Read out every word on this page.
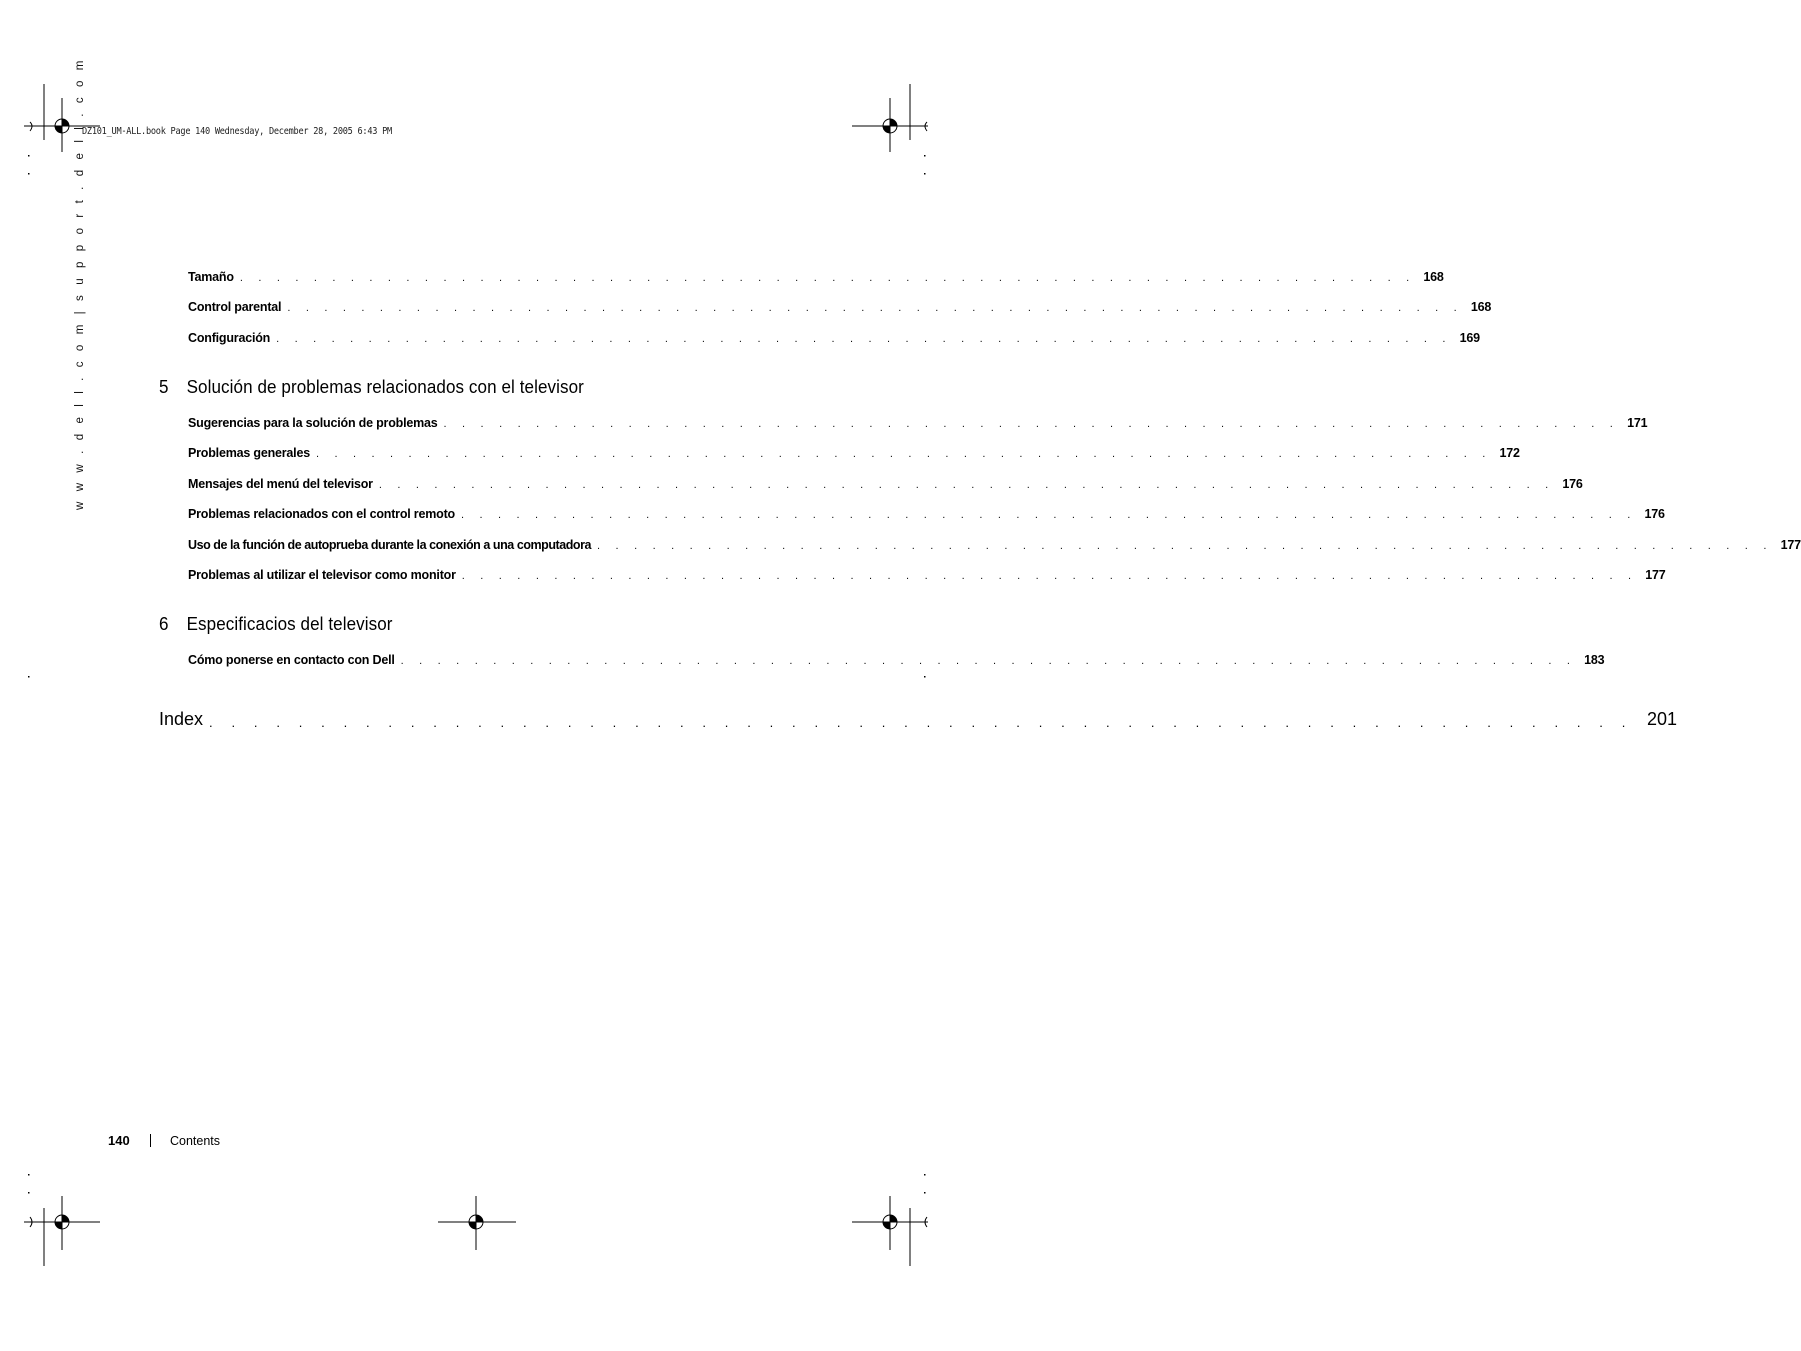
DZ101_UM-ALL.book Page 140 Wednesday, December 28, 2005 6:43 PM
w w w . d e l l . c o m | s u p p o r t . d e l l . c o m	Tamaño . . . . . . . . . . . . . . . . . . . . . . . . . . . . . . . . . . . . . . . . . . . . . . . . . . . . . . . . . . . . . . . . 168
Control parental . . . . . . . . . . . . . . . . . . . . . . . . . . . . . . . . . . . . . . . . . . . . . . . . . . . . . . . . . . . . . . . . 168
Configuración . . . . . . . . . . . . . . . . . . . . . . . . . . . . . . . . . . . . . . . . . . . . . . . . . . . . . . . . . . . . . . . . 169
5 Solución de problemas relacionados con el televisor
Sugerencias para la solución de problemas . . . . . . . . . . . . . . . . . . . . . . . . . . . . . . . . . . . . . . . . . . . . . . . . . . . . . . . . . . . . . . . . 171
Problemas generales . . . . . . . . . . . . . . . . . . . . . . . . . . . . . . . . . . . . . . . . . . . . . . . . . . . . . . . . . . . . . . . . 172
Mensajes del menú del televisor . . . . . . . . . . . . . . . . . . . . . . . . . . . . . . . . . . . . . . . . . . . . . . . . . . . . . . . . . . . . . . . . 176
Problemas relacionados con el control remoto . . . . . . . . . . . . . . . . . . . . . . . . . . . . . . . . . . . . . . . . . . . . . . . . . . . . . . . . . . . . . . . . 176
Uso de la función de autoprueba durante la conexión a una computadora . . . . . . . . . . . . . . . . . . . . . . . . . . . . . . . . . . . . . . . . . . . . . . . . . . . . . . . . . . . . . . . . 177
Problemas al utilizar el televisor como monitor . . . . . . . . . . . . . . . . . . . . . . . . . . . . . . . . . . . . . . . . . . . . . . . . . . . . . . . . . . . . . . . . 177
6 Especificacios del televisor
Cómo ponerse en contacto con Dell . . . . . . . . . . . . . . . . . . . . . . . . . . . . . . . . . . . . . . . . . . . . . . . . . . . . . . . . . . . . . . . . 183
Index . . . . . . . . . . . . . . . . . . . . . . . . . . . . . . . . . . . . . . . . . . . . . . . . . . . . . . . . . . . . . . . . 201
140	Contents
